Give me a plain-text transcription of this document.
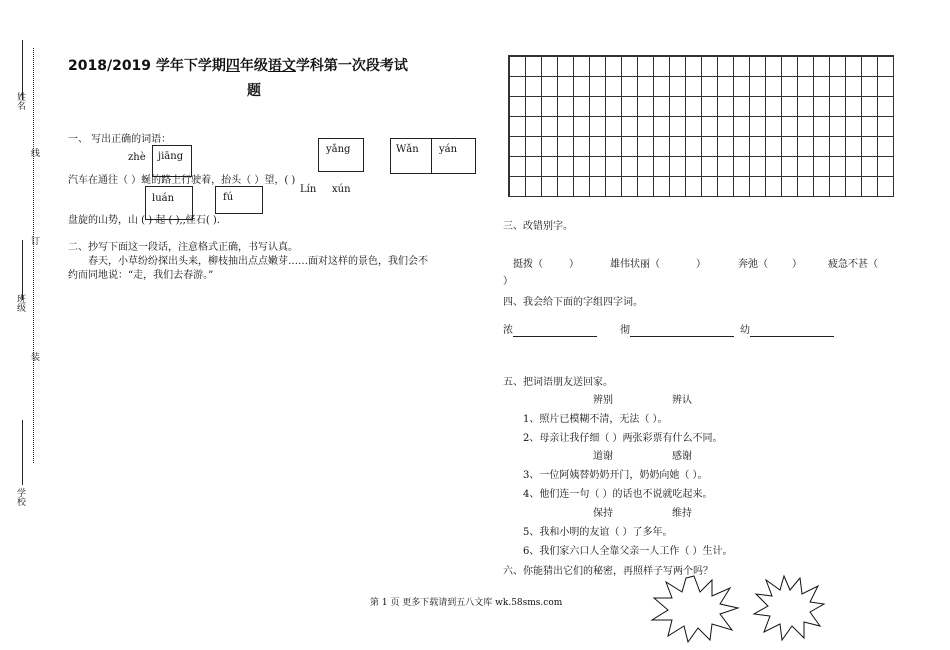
姓名
线
订
班级
装
学校
2018/2019 学年下学期四年级语文学科第一次段考试
题
一、 写出正确的词语：
zhè jiāng
yǎng	Wǎn yán
汽车在通往（ ）蜒的路上行驶着，抬头（ ）望，( )
Lín xún
luán	fú
盘旋的山势，山 ( ) 起 ( ),,怪石( ).
二、抄写下面这一段话，注意格式正确，书写认真。
春天，小草纷纷探出头来，柳枝抽出点点嫩芽……面对这样的景色，我们会不
约而同地说：“走，我们去春游。”
三、改错别字。
挺拨（	）	雄伟状丽（	）	奔弛（ ）	疲急不甚（
）
四、我会给下面的字组四字词。
浓	彻	幼
五、把词语朋友送回家。
辨别	辨认
1、照片已模糊不清，无法（ ）。
2、母亲让我仔细（ ）两张彩票有什么不同。
道谢	感谢
3、一位阿姨替奶奶开门，奶奶向她（ ）。
4、他们连一句（ ）的话也不说就吃起来。
保持	维持
5、我和小明的友谊（ ）了多年。
6、我们家六口人全靠父亲一人工作（ ）生计。
六、你能猜出它们的秘密，再照样子写两个吗？
第 1 页 更多下载请到五八文库 wk.58sms.com
